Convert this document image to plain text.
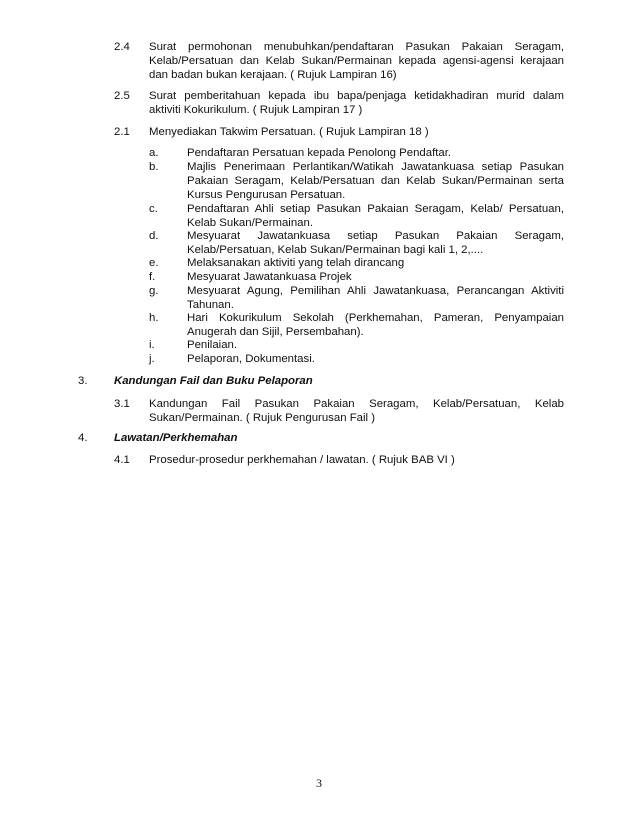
2.4	Surat permohonan menubuhkan/pendaftaran Pasukan Pakaian Seragam, Kelab/Persatuan dan Kelab Sukan/Permainan kepada agensi-agensi kerajaan dan badan bukan kerajaan. ( Rujuk Lampiran 16)
2.5	Surat pemberitahuan kepada ibu bapa/penjaga ketidakhadiran murid dalam aktiviti Kokurikulum. ( Rujuk Lampiran 17 )
2.1	Menyediakan Takwim Persatuan. ( Rujuk Lampiran 18 )
a.	Pendaftaran Persatuan kepada Penolong Pendaftar.
b.	Majlis Penerimaan Perlantikan/Watikah Jawatankuasa setiap Pasukan Pakaian Seragam, Kelab/Persatuan dan Kelab Sukan/Permainan serta Kursus Pengurusan Persatuan.
c.	Pendaftaran Ahli setiap Pasukan Pakaian Seragam, Kelab/ Persatuan, Kelab Sukan/Permainan.
d.	Mesyuarat Jawatankuasa setiap Pasukan Pakaian Seragam, Kelab/Persatuan, Kelab Sukan/Permainan bagi kali 1, 2,....
e.	Melaksanakan aktiviti yang telah dirancang
f.	Mesyuarat Jawatankuasa Projek
g.	Mesyuarat Agung, Pemilihan Ahli Jawatankuasa, Perancangan Aktiviti Tahunan.
h.	Hari Kokurikulum Sekolah (Perkhemahan, Pameran, Penyampaian Anugerah dan Sijil, Persembahan).
i.	Penilaian.
j.	Pelaporan, Dokumentasi.
3.	Kandungan Fail dan Buku Pelaporan
3.1	Kandungan Fail Pasukan Pakaian Seragam, Kelab/Persatuan, Kelab Sukan/Permainan. ( Rujuk Pengurusan Fail )
4.	Lawatan/Perkhemahan
4.1	Prosedur-prosedur perkhemahan / lawatan. ( Rujuk BAB VI )
3
